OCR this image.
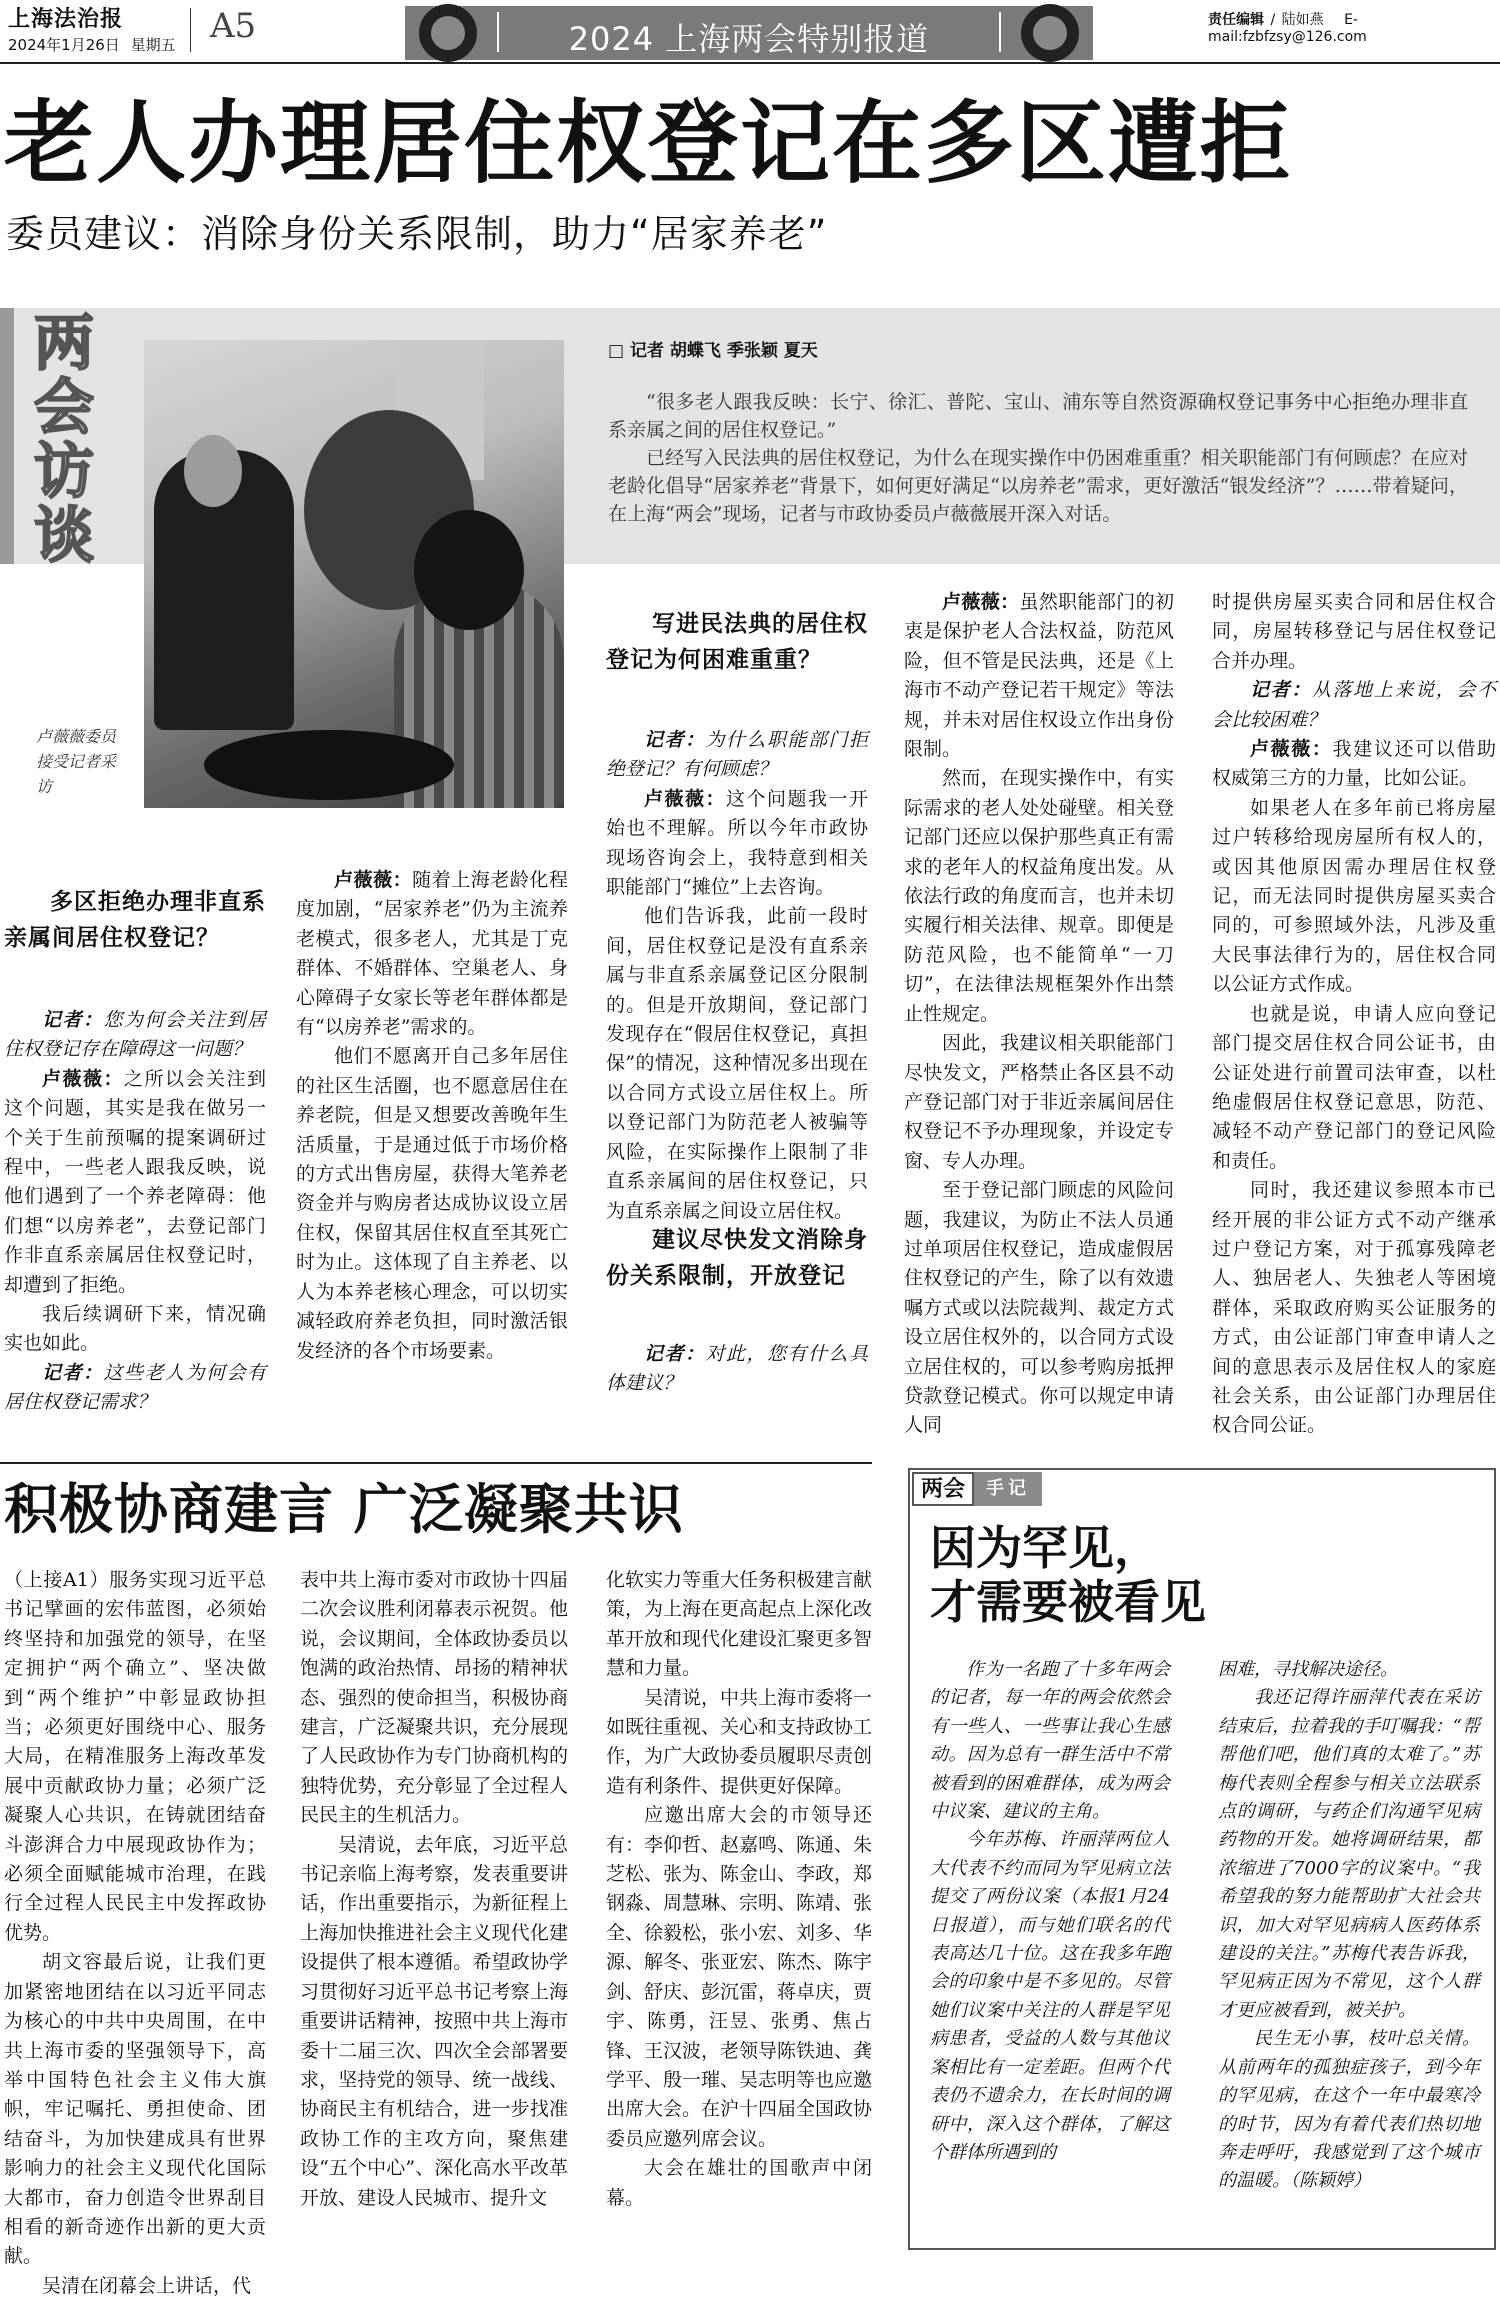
上海法治报
2024年1月26日 星期五 A5	2024 上海两会特别报道	责任编辑 / 陆如燕 E-mail:fzbfzsy@126.com
老人办理居住权登记在多区遭拒
委员建议：消除身份关系限制，助力“居家养老”
两会访谈
卢薇薇委员接受记者采访
□ 记者 胡蝶飞 季张颖 夏天

“很多老人跟我反映：长宁、徐汇、普陀、宝山、浦东等自然资源确权登记事务中心拒绝办理非直系亲属之间的居住权登记。”

已经写入民法典的居住权登记，为什么在现实操作中仍困难重重？相关职能部门有何顾虑？在应对老龄化倡导“居家养老”背景下，如何更好满足“以房养老”需求，更好激活“银发经济”？……带着疑问，在上海“两会”现场，记者与市政协委员卢薇薇展开深入对话。

多区拒绝办理非直系亲属间居住权登记？

记者：您为何会关注到居住权登记存在障碍这一问题？

卢薇薇：之所以会关注到这个问题，其实是我在做另一个关于生前预嘱的提案调研过程中，一些老人跟我反映，说他们遇到了一个养老障碍：他们想“以房养老”，去登记部门作非直系亲属居住权登记时，却遭到了拒绝。

我后续调研下来，情况确实也如此。

记者：这些老人为何会有居住权登记需求？

卢薇薇：随着上海老龄化程度加剧，“居家养老”仍为主流养老模式，很多老人，尤其是丁克群体、不婚群体、空巢老人、身心障碍子女家长等老年群体都是有“以房养老”需求的。

他们不愿离开自己多年居住的社区生活圈，也不愿意居住在养老院，但是又想要改善晚年生活质量，于是通过低于市场价格的方式出售房屋，获得大笔养老资金并与购房者达成协议设立居住权，保留其居住权直至其死亡时为止。这体现了自主养老、以人为本养老核心理念，可以切实减轻政府养老负担，同时激活银发经济的各个市场要素。

写进民法典的居住权登记为何困难重重？

记者：为什么职能部门拒绝登记？有何顾虑？

卢薇薇：这个问题我一开始也不理解。所以今年市政协现场咨询会上，我特意到相关职能部门“摊位”上去咨询。

他们告诉我，此前一段时间，居住权登记是没有直系亲属与非直系亲属登记区分限制的。但是开放期间，登记部门发现存在“假居住权登记，真担保”的情况，这种情况多出现在以合同方式设立居住权上。所以登记部门为防范老人被骗等风险，在实际操作上限制了非直系亲属间的居住权登记，只为直系亲属之间设立居住权。

建议尽快发文消除身份关系限制，开放登记

记者：对此，您有什么具体建议？

卢薇薇：虽然职能部门的初衷是保护老人合法权益，防范风险，但不管是民法典，还是《上海市不动产登记若干规定》等法规，并未对居住权设立作出身份限制。

然而，在现实操作中，有实际需求的老人处处碰壁。相关登记部门还应以保护那些真正有需求的老年人的权益角度出发。从依法行政的角度而言，也并未切实履行相关法律、规章。即便是防范风险，也不能简单“一刀切”，在法律法规框架外作出禁止性规定。

因此，我建议相关职能部门尽快发文，严格禁止各区县不动产登记部门对于非近亲属间居住权登记不予办理现象，并设定专窗、专人办理。

至于登记部门顾虑的风险问题，我建议，为防止不法人员通过单项居住权登记，造成虚假居住权登记的产生，除了以有效遗嘱方式或以法院裁判、裁定方式设立居住权外的，以合同方式设立居住权的，可以参考购房抵押贷款登记模式。你可以规定申请人同

时提供房屋买卖合同和居住权合同，房屋转移登记与居住权登记合并办理。

记者：从落地上来说，会不会比较困难？

卢薇薇：我建议还可以借助权威第三方的力量，比如公证。

如果老人在多年前已将房屋过户转移给现房屋所有权人的，或因其他原因需办理居住权登记，而无法同时提供房屋买卖合同的，可参照域外法，凡涉及重大民事法律行为的，居住权合同以公证方式作成。

也就是说，申请人应向登记部门提交居住权合同公证书，由公证处进行前置司法审查，以杜绝虚假居住权登记意思，防范、减轻不动产登记部门的登记风险和责任。

同时，我还建议参照本市已经开展的非公证方式不动产继承过户登记方案，对于孤寡残障老人、独居老人、失独老人等困境群体，采取政府购买公证服务的方式，由公证部门审查申请人之间的意思表示及居住权人的家庭社会关系，由公证部门办理居住权合同公证。

积极协商建言 广泛凝聚共识

（上接A1）服务实现习近平总书记擘画的宏伟蓝图，必须始终坚持和加强党的领导，在坚定拥护“两个确立”、坚决做到“两个维护”中彰显政协担当；必须更好围绕中心、服务大局，在精准服务上海改革发展中贡献政协力量；必须广泛凝聚人心共识，在铸就团结奋斗澎湃合力中展现政协作为；必须全面赋能城市治理，在践行全过程人民民主中发挥政协优势。

胡文容最后说，让我们更加紧密地团结在以习近平同志为核心的中共中央周围，在中共上海市委的坚强领导下，高举中国特色社会主义伟大旗帜，牢记嘱托、勇担使命、团结奋斗，为加快建成具有世界影响力的社会主义现代化国际大都市，奋力创造令世界刮目相看的新奇迹作出新的更大贡献。

吴清在闭幕会上讲话，代

表中共上海市委对市政协十四届二次会议胜利闭幕表示祝贺。他说，会议期间，全体政协委员以饱满的政治热情、昂扬的精神状态、强烈的使命担当，积极协商建言，广泛凝聚共识，充分展现了人民政协作为专门协商机构的独特优势，充分彰显了全过程人民民主的生机活力。

吴清说，去年底，习近平总书记亲临上海考察，发表重要讲话，作出重要指示，为新征程上上海加快推进社会主义现代化建设提供了根本遵循。希望政协学习贯彻好习近平总书记考察上海重要讲话精神，按照中共上海市委十二届三次、四次全会部署要求，坚持党的领导、统一战线、协商民主有机结合，进一步找准政协工作的主攻方向，聚焦建设“五个中心”、深化高水平改革开放、建设人民城市、提升文

化软实力等重大任务积极建言献策，为上海在更高起点上深化改革开放和现代化建设汇聚更多智慧和力量。

吴清说，中共上海市委将一如既往重视、关心和支持政协工作，为广大政协委员履职尽责创造有利条件、提供更好保障。

应邀出席大会的市领导还有：李仰哲、赵嘉鸣、陈通、朱芝松、张为、陈金山、李政，郑钢淼、周慧琳、宗明、陈靖、张全、徐毅松，张小宏、刘多、华源、解冬、张亚宏、陈杰、陈宇剑、舒庆、彭沉雷，蒋卓庆，贾宇、陈勇，汪昱、张勇、焦占锋、王汉波，老领导陈铁迪、龚学平、殷一璀、吴志明等也应邀出席大会。在沪十四届全国政协委员应邀列席会议。

大会在雄壮的国歌声中闭幕。

两会	手记
因为罕见，
才需要被看见

作为一名跑了十多年两会的记者，每一年的两会依然会有一些人、一些事让我心生感动。因为总有一群生活中不常被看到的困难群体，成为两会中议案、建议的主角。

今年苏梅、许丽萍两位人大代表不约而同为罕见病立法提交了两份议案（本报1月24日报道），而与她们联名的代表高达几十位。这在我多年跑会的印象中是不多见的。尽管她们议案中关注的人群是罕见病患者，受益的人数与其他议案相比有一定差距。但两个代表仍不遗余力，在长时间的调研中，深入这个群体，了解这个群体所遇到的

困难，寻找解决途径。

我还记得许丽萍代表在采访结束后，拉着我的手叮嘱我：“帮帮他们吧，他们真的太难了。”苏梅代表则全程参与相关立法联系点的调研，与药企们沟通罕见病药物的开发。她将调研结果，都浓缩进了7000字的议案中。“我希望我的努力能帮助扩大社会共识，加大对罕见病病人医药体系建设的关注。”苏梅代表告诉我，罕见病正因为不常见，这个人群才更应被看到，被关护。

民生无小事，枝叶总关情。从前两年的孤独症孩子，到今年的罕见病，在这个一年中最寒冷的时节，因为有着代表们热切地奔走呼吁，我感觉到了这个城市的温暖。（陈颖婷）
